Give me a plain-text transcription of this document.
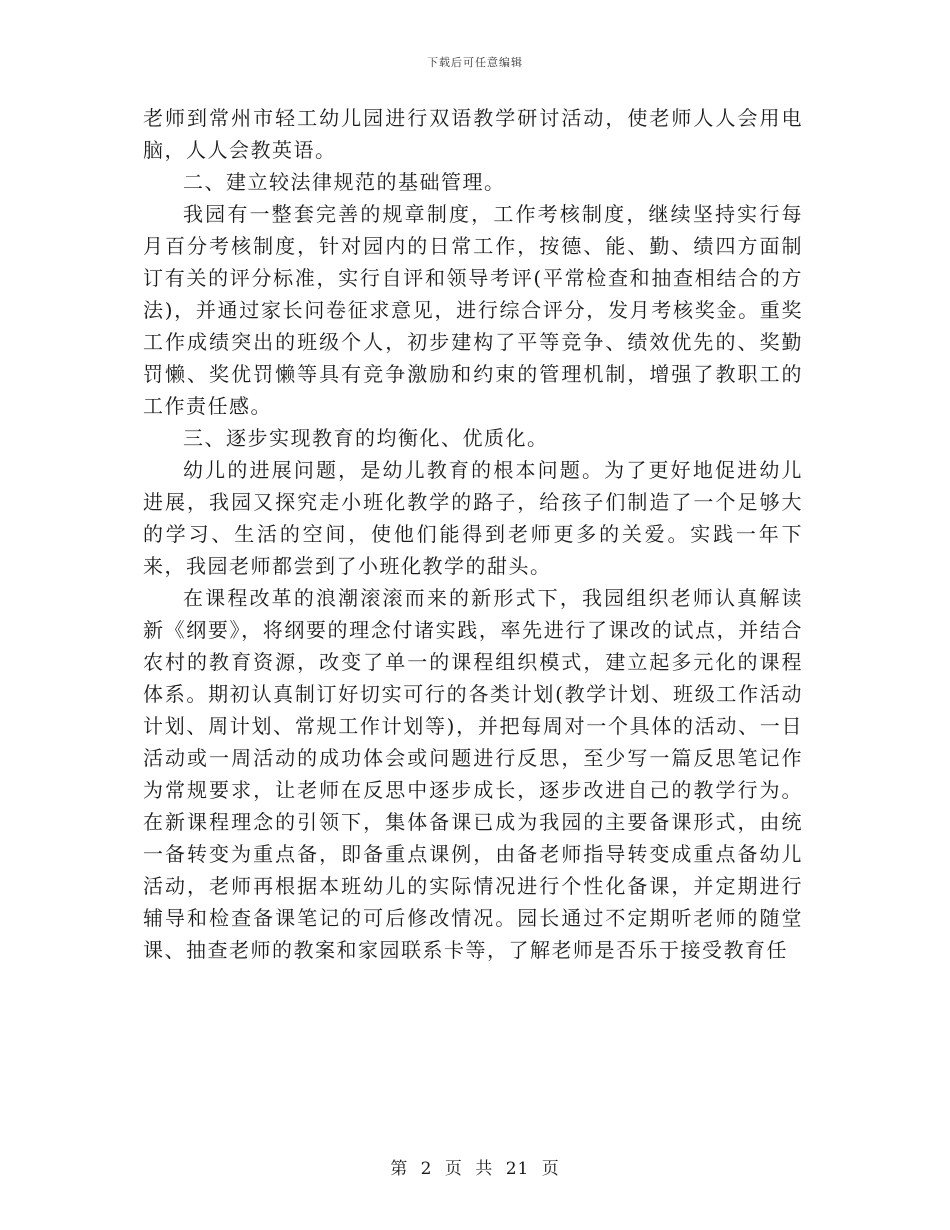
下载后可任意编辑

老师到常州市轻工幼儿园进行双语教学研讨活动，使老师人人会用电脑，人人会教英语。

二、建立较法律规范的基础管理。

我园有一整套完善的规章制度，工作考核制度，继续坚持实行每月百分考核制度，针对园内的日常工作，按德、能、勤、绩四方面制订有关的评分标准，实行自评和领导考评(平常检查和抽查相结合的方法)，并通过家长问卷征求意见，进行综合评分，发月考核奖金。重奖工作成绩突出的班级个人，初步建构了平等竞争、绩效优先的、奖勤罚懒、奖优罚懒等具有竞争激励和约束的管理机制，增强了教职工的工作责任感。

三、逐步实现教育的均衡化、优质化。

幼儿的进展问题，是幼儿教育的根本问题。为了更好地促进幼儿进展，我园又探究走小班化教学的路子，给孩子们制造了一个足够大的学习、生活的空间，使他们能得到老师更多的关爱。实践一年下来，我园老师都尝到了小班化教学的甜头。

在课程改革的浪潮滚滚而来的新形式下，我园组织老师认真解读新《纲要》，将纲要的理念付诸实践，率先进行了课改的试点，并结合农村的教育资源，改变了单一的课程组织模式，建立起多元化的课程体系。期初认真制订好切实可行的各类计划(教学计划、班级工作活动计划、周计划、常规工作计划等)，并把每周对一个具体的活动、一日活动或一周活动的成功体会或问题进行反思，至少写一篇反思笔记作为常规要求，让老师在反思中逐步成长，逐步改进自己的教学行为。在新课程理念的引领下，集体备课已成为我园的主要备课形式，由统一备转变为重点备，即备重点课例，由备老师指导转变成重点备幼儿活动，老师再根据本班幼儿的实际情况进行个性化备课，并定期进行辅导和检查备课笔记的可后修改情况。园长通过不定期听老师的随堂课、抽查老师的教案和家园联系卡等，了解老师是否乐于接受教育任

第 2 页 共 21 页
